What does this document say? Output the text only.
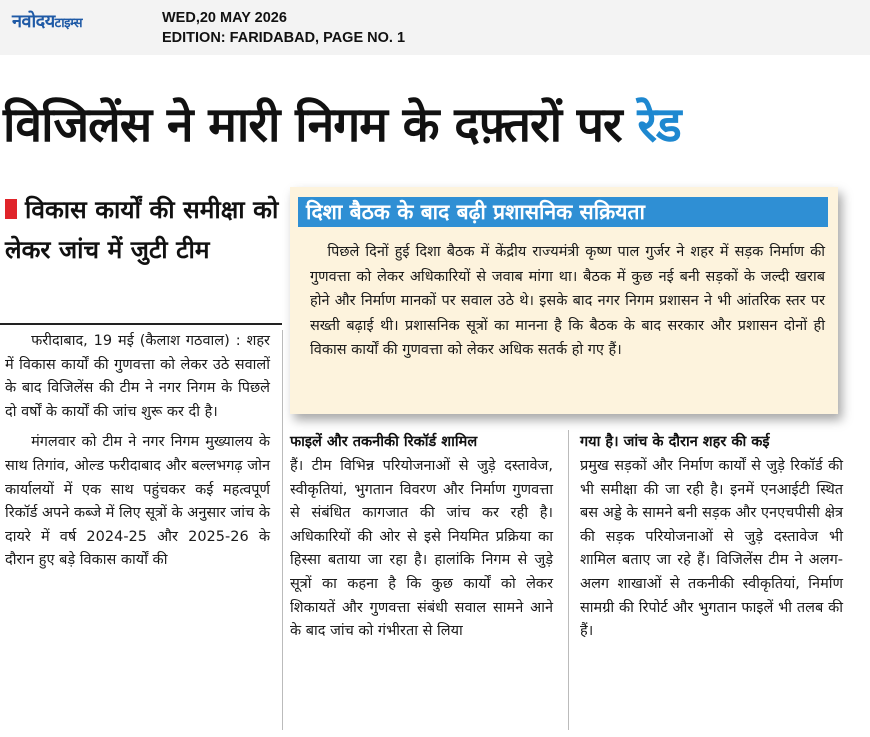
नवोदयटाइम्स	WED,20 MAY 2026
EDITION: FARIDABAD, PAGE NO. 1
विजिलेंस ने मारी निगम के दफ़्तरों पर रेड
विकास कार्यों की समीक्षा को लेकर जांच में जुटी टीम

फरीदाबाद, 19 मई (कैलाश गठवाल) : शहर में विकास कार्यों की गुणवत्ता को लेकर उठे सवालों के बाद विजिलेंस की टीम ने नगर निगम के पिछले दो वर्षों के कार्यों की जांच शुरू कर दी है।

मंगलवार को टीम ने नगर निगम मुख्यालय के साथ तिगांव, ओल्ड फरीदाबाद और बल्लभगढ़ जोन कार्यालयों में एक साथ पहुंचकर कई महत्वपूर्ण रिकॉर्ड अपने कब्जे में लिए सूत्रों के अनुसार जांच के दायरे में वर्ष 2024-25 और 2025-26 के दौरान हुए बड़े विकास कार्यों की

दिशा बैठक के बाद बढ़ी प्रशासनिक सक्रियता

पिछले दिनों हुई दिशा बैठक में केंद्रीय राज्यमंत्री कृष्ण पाल गुर्जर ने शहर में सड़क निर्माण की गुणवत्ता को लेकर अधिकारियों से जवाब मांगा था। बैठक में कुछ नई बनी सड़कों के जल्दी खराब होने और निर्माण मानकों पर सवाल उठे थे। इसके बाद नगर निगम प्रशासन ने भी आंतरिक स्तर पर सख्ती बढ़ाई थी। प्रशासनिक सूत्रों का मानना है कि बैठक के बाद सरकार और प्रशासन दोनों ही विकास कार्यों की गुणवत्ता को लेकर अधिक सतर्क हो गए हैं।

फाइलें और तकनीकी रिकॉर्ड शामिल
हैं। टीम विभिन्न परियोजनाओं से जुड़े दस्तावेज, स्वीकृतियां, भुगतान विवरण और निर्माण गुणवत्ता से संबंधित कागजात की जांच कर रही है। अधिकारियों की ओर से इसे नियमित प्रक्रिया का हिस्सा बताया जा रहा है। हालांकि निगम से जुड़े सूत्रों का कहना है कि कुछ कार्यों को लेकर शिकायतें और गुणवत्ता संबंधी सवाल सामने आने के बाद जांच को गंभीरता से लिया
गया है। जांच के दौरान शहर की कई
प्रमुख सड़कों और निर्माण कार्यों से जुड़े रिकॉर्ड की भी समीक्षा की जा रही है। इनमें एनआईटी स्थित बस अड्डे के सामने बनी सड़क और एनएचपीसी क्षेत्र की सड़क परियोजनाओं से जुड़े दस्तावेज भी शामिल बताए जा रहे हैं। विजिलेंस टीम ने अलग-अलग शाखाओं से तकनीकी स्वीकृतियां, निर्माण सामग्री की रिपोर्ट और भुगतान फाइलें भी तलब की हैं।
